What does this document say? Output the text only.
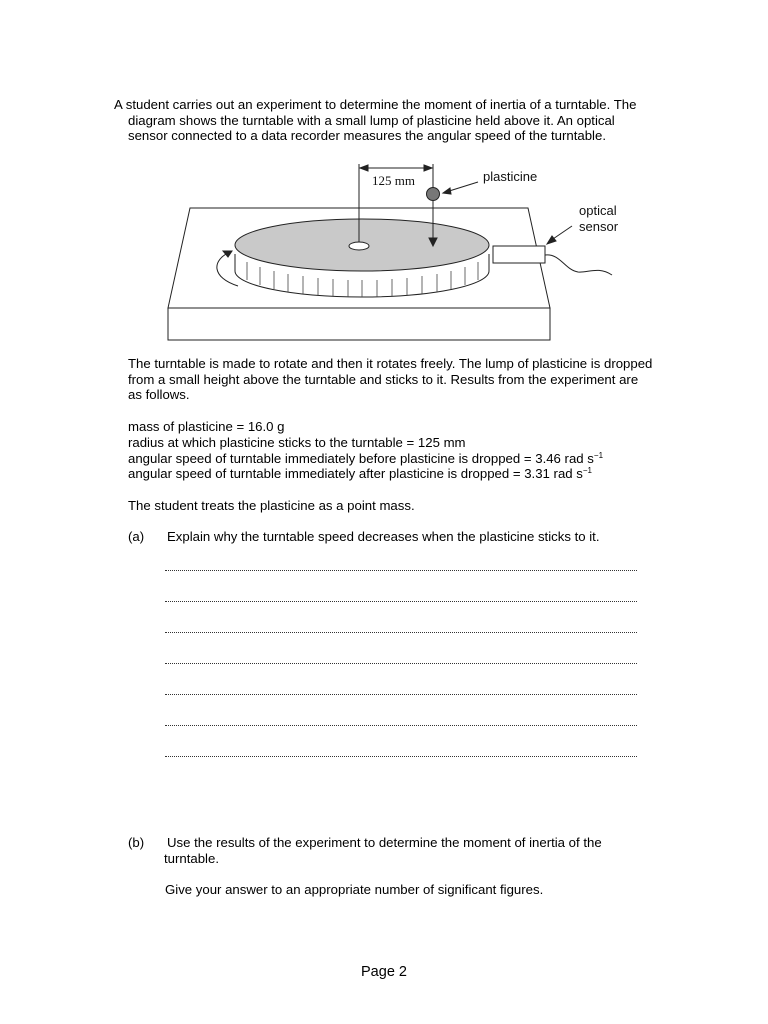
A student carries out an experiment to determine the moment of inertia of a turntable. The
diagram shows the turntable with a small lump of plasticine held above it. An optical
sensor connected to a data recorder measures the angular speed of the turntable.
125 mm	plasticine
optical
sensor
The turntable is made to rotate and then it rotates freely. The lump of plasticine is dropped
from a small height above the turntable and sticks to it. Results from the experiment are
as follows.
mass of plasticine = 16.0 g
radius at which plasticine sticks to the turntable = 125 mm
angular speed of turntable immediately before plasticine is dropped = 3.46 rad $s^{-1}$
angular speed of turntable immediately after plasticine is dropped = 3.31 rad $s^{-1}$
The student treats the plasticine as a point mass.
(a) Explain why the turntable speed decreases when the plasticine sticks to it.
(b) Use the results of the experiment to determine the moment of inertia of the
turntable.
Give your answer to an appropriate number of significant figures.
Page 2
